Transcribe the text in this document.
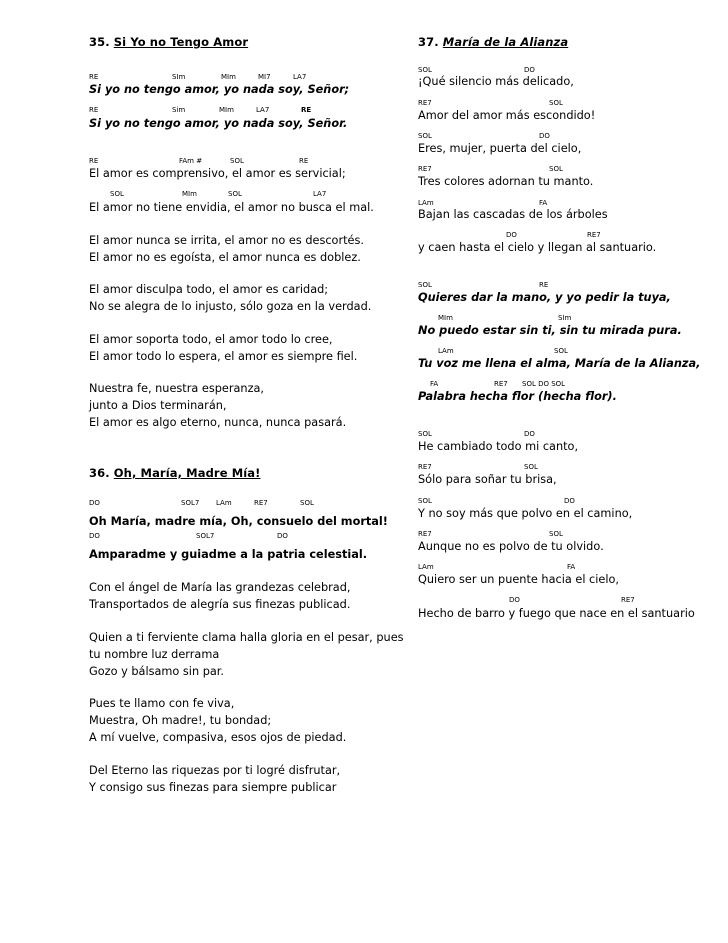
35. Si Yo no Tengo Amor
RE	SIm	MIm	MI7	LA7
Si yo no tengo amor, yo nada soy, Señor;
RE	Sim	MIm	LA7	RE
Si yo no tengo amor, yo nada soy, Señor.
RE	FAm #	SOL	RE
El amor es comprensivo, el amor es servicial;
SOL	MIm	SOL	LA7
El amor no tiene envidia, el amor no busca el mal.
El amor nunca se irrita, el amor no es descortés.
El amor no es egoísta, el amor nunca es doblez.
El amor disculpa todo, el amor es caridad;
No se alegra de lo injusto, sólo goza en la verdad.
El amor soporta todo, el amor todo lo cree,
El amor todo lo espera, el amor es siempre fiel.
Nuestra fe, nuestra esperanza,
junto a Dios terminarán,
El amor es algo eterno, nunca, nunca pasará.
36. Oh, María, Madre Mía!
DO	SOL7 LAm	RE7	SOL
Oh María, madre mía, Oh, consuelo del mortal!
DO	SOL7	DO
Amparadme y guiadme a la patria celestial.
Con el ángel de María las grandezas celebrad,
Transportados de alegría sus finezas publicad.
Quien a ti ferviente clama halla gloria en el pesar, pues
tu nombre luz derrama
Gozo y bálsamo sin par.
Pues te llamo con fe viva,
Muestra, Oh madre!, tu bondad;
A mí vuelve, compasiva, esos ojos de piedad.
Del Eterno las riquezas por ti logré disfrutar,
Y consigo sus finezas para siempre publicar
37. María de la Alianza
SOL	DO
¡Qué silencio más delicado,
RE7	SOL
Amor del amor más escondido!
SOL	DO
Eres, mujer, puerta del cielo,
RE7	SOL
Tres colores adornan tu manto.
LAm	FA
Bajan las cascadas de los árboles
DO	RE7
y caen hasta el cielo y llegan al santuario.
SOL	RE
Quieres dar la mano, y yo pedir la tuya,
MIm	SIm
No puedo estar sin ti, sin tu mirada pura.
LAm	SOL
Tu voz me llena el alma, María de la Alianza,
FA	RE7 SOL DO SOL
Palabra hecha flor (hecha flor).
SOL	DO
He cambiado todo mi canto,
RE7	SOL
Sólo para soñar tu brisa,
SOL	DO
Y no soy más que polvo en el camino,
RE7	SOL
Aunque no es polvo de tu olvido.
LAm	FA
Quiero ser un puente hacia el cielo,
DO	RE7
Hecho de barro y fuego que nace en el santuario
